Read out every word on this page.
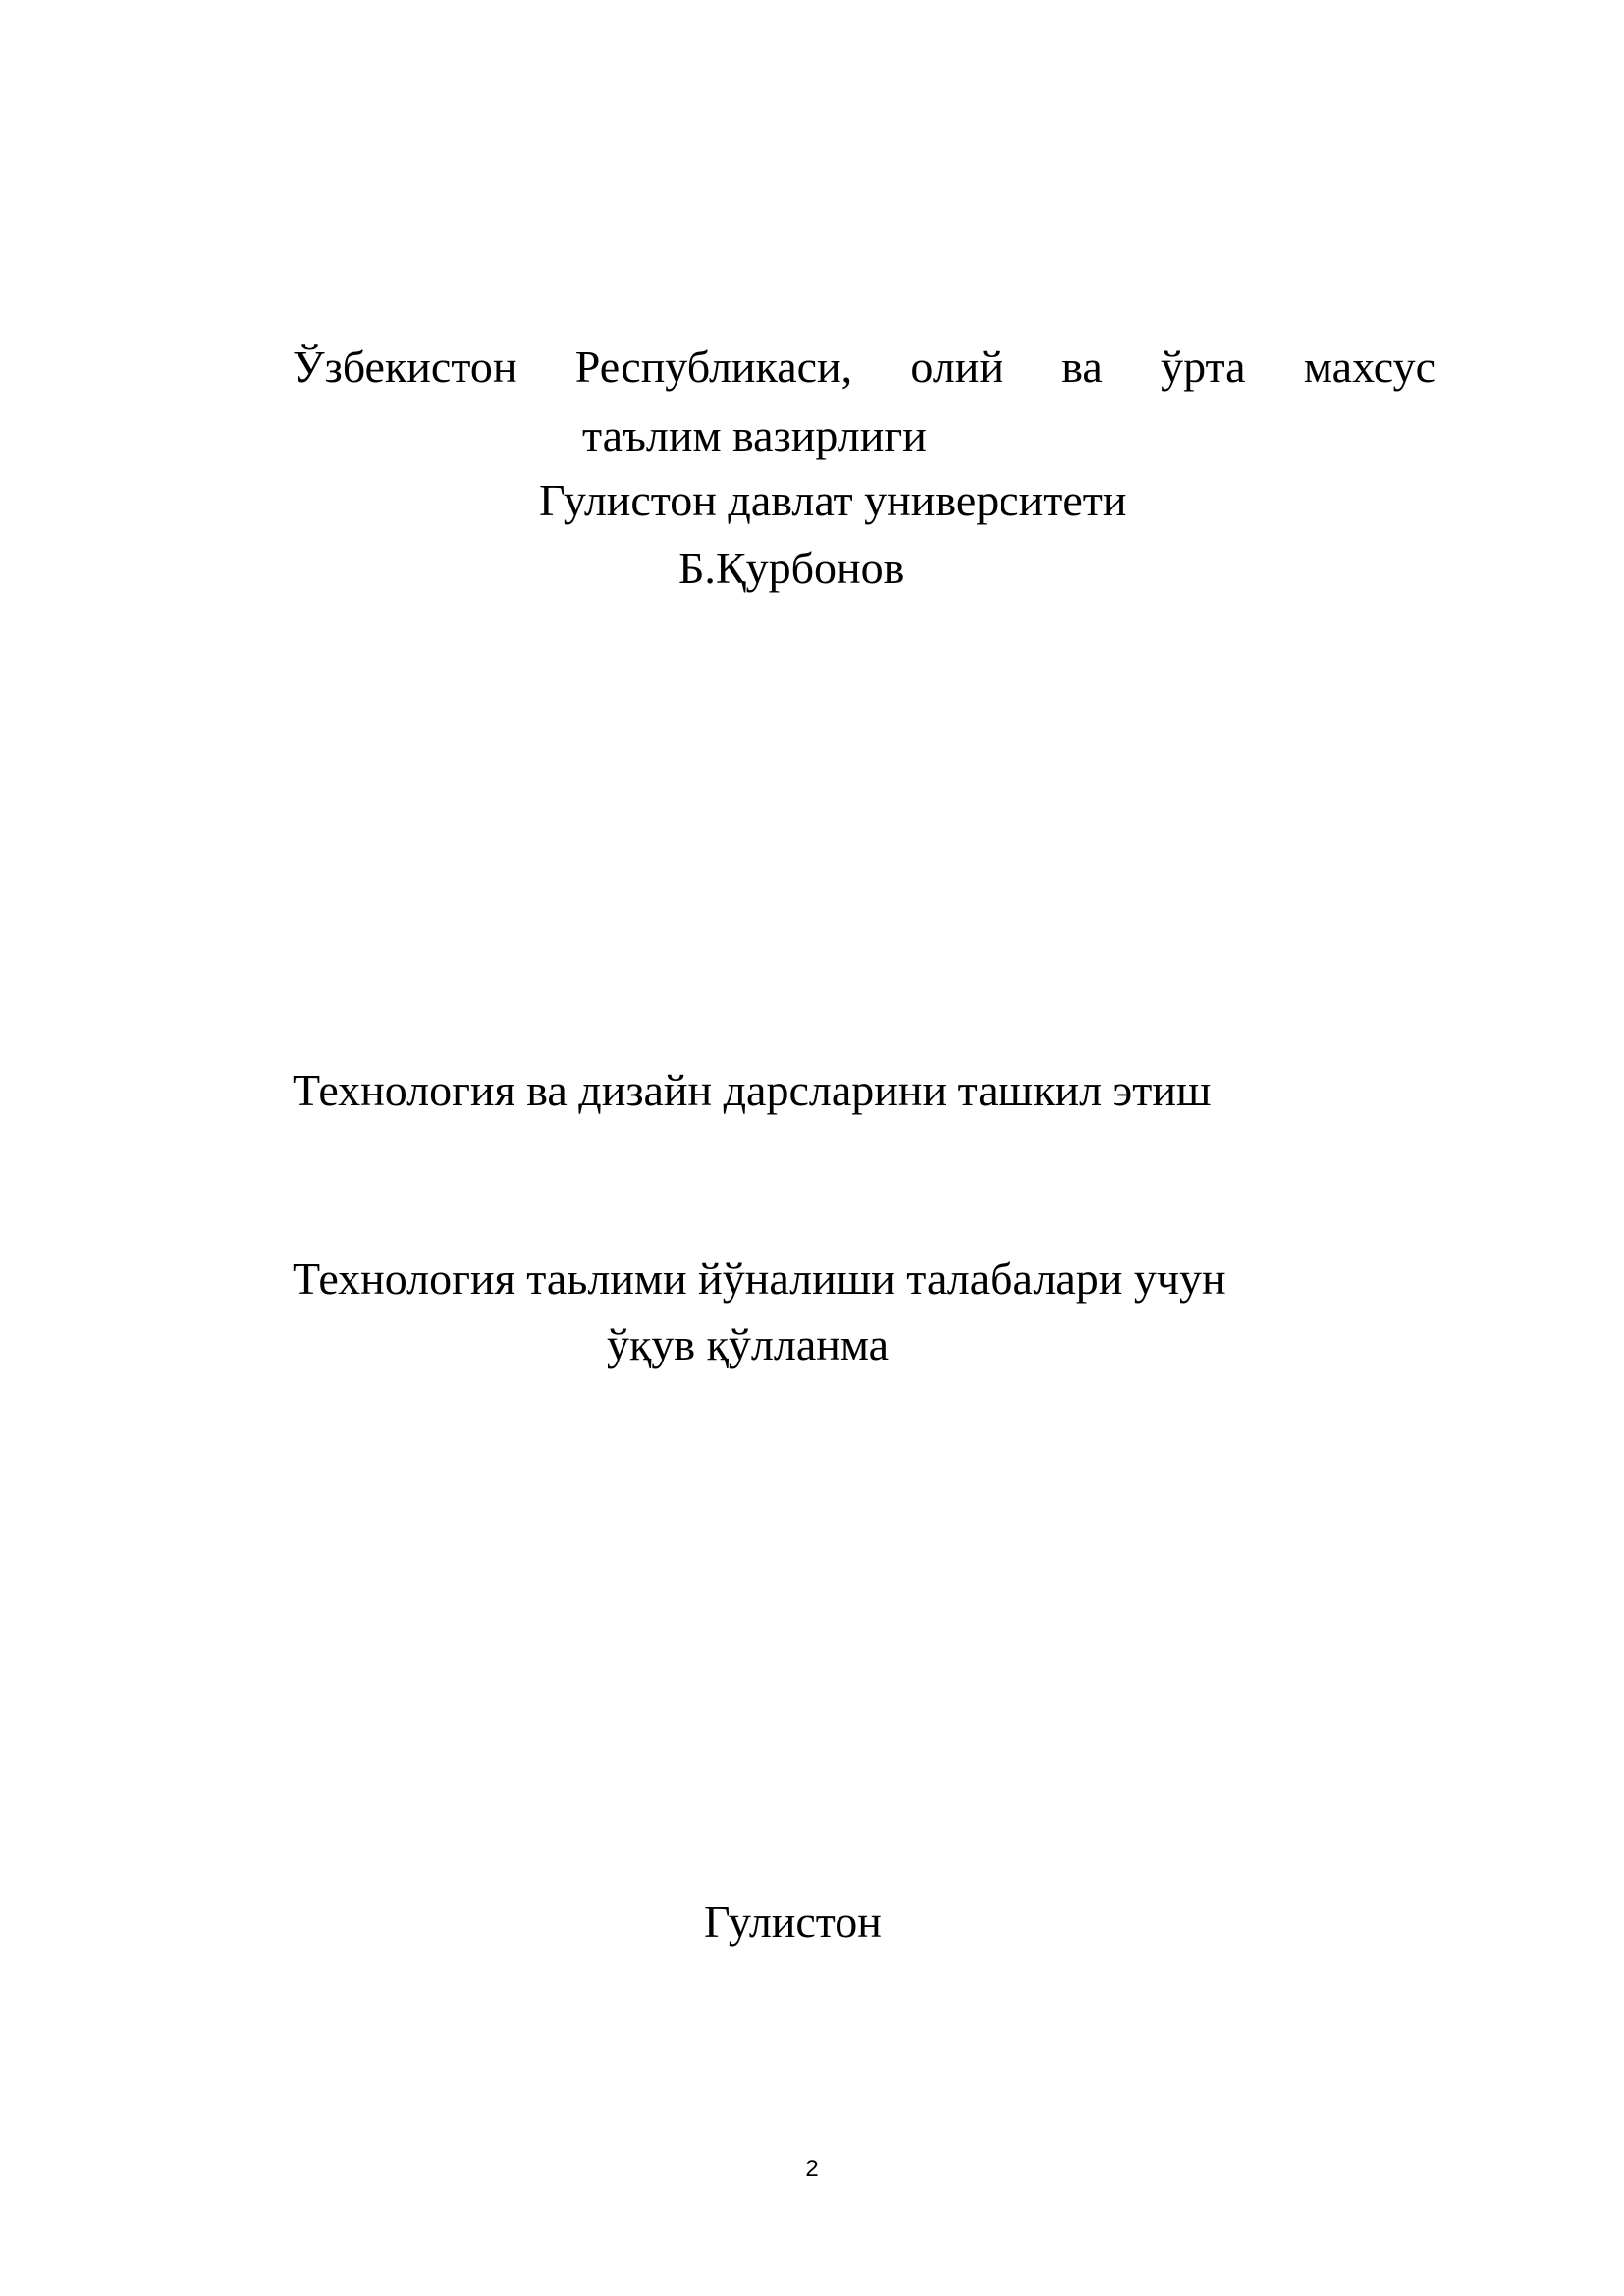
Ўзбекистон Республикаси, олий ва ўрта махсус
таълим вазирлиги
Гулистон давлат университети
Б.Қурбонов
Технология ва дизайн дарсларини ташкил этиш
Технология таьлими йўналиши талабалари учун
ўқув қўлланма
Гулистон
2
